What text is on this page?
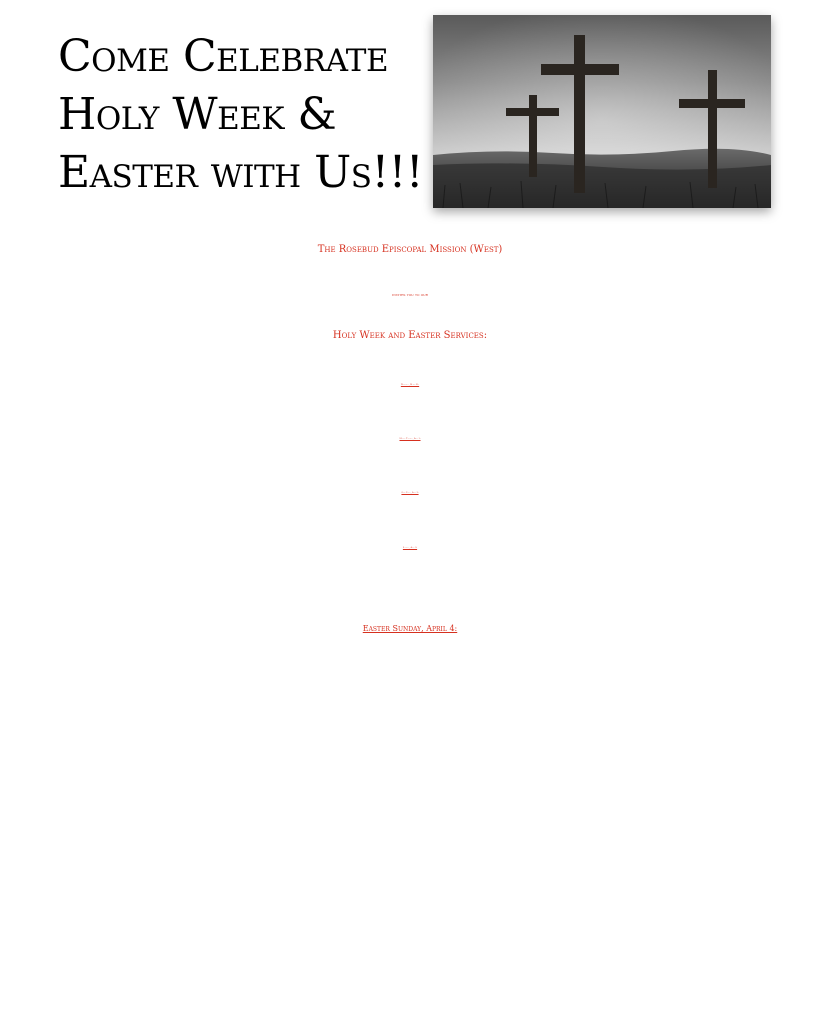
Come Celebrate
Holy Week &
Easter with Us!!!
The Rosebud Episcopal Mission (West)
invites you to our
Holy Week and Easter Services:
Wednesday, March 31:
Maundy Thursday, April 1:
Good Friday, April 2:
Saturday, April 3:
Easter Sunday, April 4:
